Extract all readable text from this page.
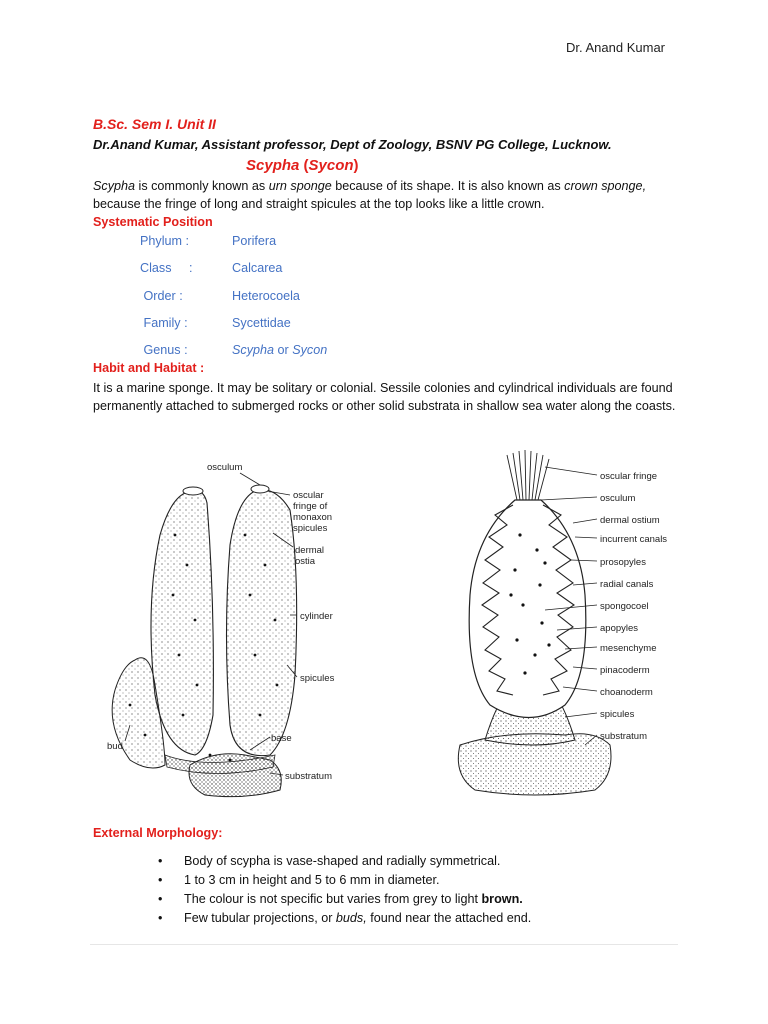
Dr. Anand Kumar
B.Sc. Sem I. Unit II
Dr.Anand Kumar, Assistant professor, Dept of Zoology, BSNV PG College, Lucknow.
Scypha (Sycon)
Scypha is commonly known as urn sponge because of its shape. It is also known as crown sponge, because the fringe of long and straight spicules at the top looks like a little crown.
Systematic Position
Phylum :	Porifera
Class     :	Calcarea
Order :	Heterocoela
Family :	Sycettidae
Genus :	Scypha or Sycon
Habit and Habitat :
It is a marine sponge. It may be solitary or colonial. Sessile colonies and cylindrical individuals are found permanently attached to submerged rocks or other solid substrata in shallow sea water along the coasts.
osculum
oscular
fringe of
monaxon
spicules
dermal
ostia
cylinder
spicules
bud
base
substratum
oscular fringe
osculum
dermal ostium
incurrent canals
prosopyles
radial canals
spongocoel
apopyles
mesenchyme
pinacoderm
choanoderm
spicules
substratum
External Morphology:
• Body of scypha is vase-shaped and radially symmetrical.
• 1 to 3 cm in height and 5 to 6 mm in diameter.
• The colour is not specific but varies from grey to light brown.
• Few tubular projections, or buds, found near the attached end.
